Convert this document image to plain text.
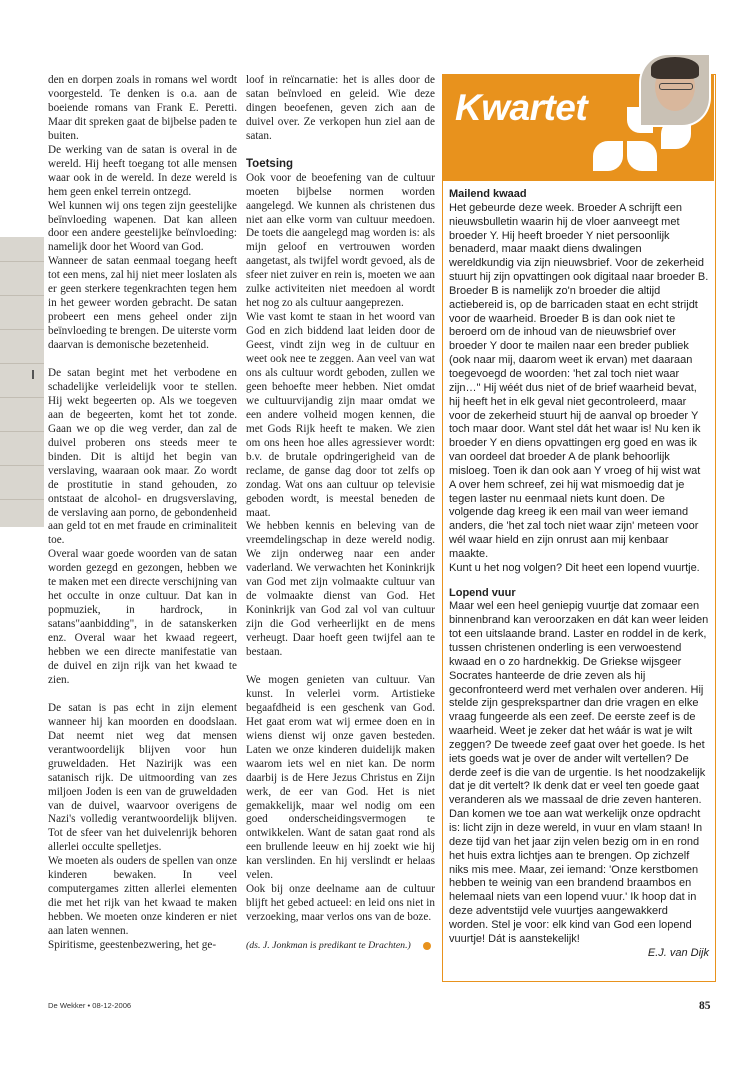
den en dorpen zoals in romans wel wordt voorgesteld. Te denken is o.a. aan de boeiende romans van Frank E. Peretti. Maar dit spreken gaat de bijbelse paden te buiten.

De werking van de satan is overal in de wereld. Hij heeft toegang tot alle mensen waar ook in de wereld. In deze wereld is hem geen enkel terrein ontzegd.

Wel kunnen wij ons tegen zijn geestelijke beïnvloeding wapenen. Dat kan alleen door een andere geestelijke beïnvloeding: namelijk door het Woord van God.

Wanneer de satan eenmaal toegang heeft tot een mens, zal hij niet meer loslaten als er geen sterkere tegenkrachten tegen hem in het geweer worden gebracht. De satan probeert een mens geheel onder zijn beïnvloeding te brengen. De uiterste vorm daarvan is demonische bezetenheid.

De satan begint met het verbodene en schadelijke verleidelijk voor te stellen. Hij wekt begeerten op. Als we toegeven aan de begeerten, komt het tot zonde. Gaan we op die weg verder, dan zal de duivel proberen ons steeds meer te binden. Dit is altijd het begin van verslaving, waaraan ook maar. Zo wordt de prostitutie in stand gehouden, zo ontstaat de alcohol- en drugsverslaving, de verslaving aan porno, de gebondenheid aan geld tot en met fraude en criminaliteit toe.

Overal waar goede woorden van de satan worden gezegd en gezongen, hebben we te maken met een directe verschijning van het occulte in onze cultuur. Dat kan in popmuziek, in hardrock, in satans"aanbidding", in de satanskerken enz. Overal waar het kwaad regeert, hebben we een directe manifestatie van de duivel en zijn rijk van het kwaad te zien.

De satan is pas echt in zijn element wanneer hij kan moorden en doodslaan. Dat neemt niet weg dat mensen verantwoordelijk blijven voor hun gruweldaden. Het Nazirijk was een satanisch rijk. De uitmoording van zes miljoen Joden is een van de gruweldaden van de duivel, waarvoor overigens de Nazi's volledig verantwoordelijk blijven. Tot de sfeer van het duivelenrijk behoren allerlei occulte spelletjes.

We moeten als ouders de spellen van onze kinderen bewaken. In veel computergames zitten allerlei elementen die met het rijk van het kwaad te maken hebben. We moeten onze kinderen er niet aan laten wennen.

Spiritisme, geestenbezwering, het ge-

loof in reïncarnatie: het is alles door de satan beïnvloed en geleid. Wie deze dingen beoefenen, geven zich aan de duivel over. Ze verkopen hun ziel aan de satan.

Toetsing

Ook voor de beoefening van de cultuur moeten bijbelse normen worden aangelegd. We kunnen als christenen dus niet aan elke vorm van cultuur meedoen. De toets die aangelegd mag worden is: als mijn geloof en vertrouwen worden aangetast, als twijfel wordt gevoed, als de sfeer niet zuiver en rein is, moeten we aan zulke activiteiten niet meedoen al wordt het nog zo als cultuur aangeprezen.

Wie vast komt te staan in het woord van God en zich biddend laat leiden door de Geest, vindt zijn weg in de cultuur en weet ook nee te zeggen. Aan veel van wat ons als cultuur wordt geboden, zullen we geen behoefte meer hebben. Niet omdat we cultuurvijandig zijn maar omdat we een andere volheid mogen kennen, die met Gods Rijk heeft te maken. We zien om ons heen hoe alles agressiever wordt: b.v. de brutale opdringerigheid van de reclame, de ganse dag door tot zelfs op zondag. Wat ons aan cultuur op televisie geboden wordt, is meestal beneden de maat.

We hebben kennis en beleving van de vreemdelingschap in deze wereld nodig. We zijn onderweg naar een ander vaderland. We verwachten het Koninkrijk van God met zijn volmaakte cultuur van de volmaakte dienst van God. Het Koninkrijk van God zal vol van cultuur zijn die God verheerlijkt en de mens verheugt. Daar hoeft geen twijfel aan te bestaan.

We mogen genieten van cultuur. Van kunst. In velerlei vorm. Artistieke begaafdheid is een geschenk van God. Het gaat erom wat wij ermee doen en in wiens dienst wij onze gaven besteden. Laten we onze kinderen duidelijk maken waarom iets wel en niet kan. De norm daarbij is de Here Jezus Christus en Zijn werk, de eer van God. Het is niet gemakkelijk, maar wel nodig om een goed onderscheidingsvermogen te ontwikkelen. Want de satan gaat rond als een brullende leeuw en hij zoekt wie hij kan verslinden. En hij verslindt er helaas velen.

Ook bij onze deelname aan de cultuur blijft het gebed actueel: en leid ons niet in verzoeking, maar verlos ons van de boze.

(ds. J. Jonkman is predikant te Drachten.)
Kwartet

Mailend kwaad

Het gebeurde deze week. Broeder A schrijft een nieuwsbulletin waarin hij de vloer aanveegt met broeder Y. Hij heeft broeder Y niet persoonlijk benaderd, maar maakt diens dwalingen wereldkundig via zijn nieuwsbrief. Voor de zekerheid stuurt hij zijn opvattingen ook digitaal naar broeder B. Broeder B is namelijk zo'n broeder die altijd actiebereid is, op de barricaden staat en echt strijdt voor de waarheid. Broeder B is dan ook niet te beroerd om de inhoud van de nieuwsbrief over broeder Y door te mailen naar een breder publiek (ook naar mij, daarom weet ik ervan) met daaraan toegevoegd de woorden: 'het zal toch niet waar zijn…" Hij wéét dus niet of de brief waarheid bevat, hij heeft het in elk geval niet gecontroleerd, maar voor de zekerheid stuurt hij de aanval op broeder Y toch maar door. Want stel dát het waar is! Nu ken ik broeder Y en diens opvattingen erg goed en was ik van oordeel dat broeder A de plank behoorlijk misloeg. Toen ik dan ook aan Y vroeg of hij wist wat A over hem schreef, zei hij wat mismoedig dat je tegen laster nu eenmaal niets kunt doen. De volgende dag kreeg ik een mail van weer iemand anders, die 'het zal toch niet waar zijn' meteen voor wél waar hield en zijn onrust aan mij kenbaar maakte.

Kunt u het nog volgen? Dit heet een lopend vuurtje.

Lopend vuur

Maar wel een heel geniepig vuurtje dat zomaar een binnenbrand kan veroorzaken en dát kan weer leiden tot een uitslaande brand. Laster en roddel in de kerk, tussen christenen onderling is een verwoestend kwaad en o zo hardnekkig. De Griekse wijsgeer Socrates hanteerde de drie zeven als hij geconfronteerd werd met verhalen over anderen. Hij stelde zijn gesprekspartner dan drie vragen en elke vraag fungeerde als een zeef. De eerste zeef is de waarheid. Weet je zeker dat het wáár is wat je wilt zeggen? De tweede zeef gaat over het goede. Is het iets goeds wat je over de ander wilt vertellen? De derde zeef is die van de urgentie. Is het noodzakelijk dat je dit vertelt? Ik denk dat er veel ten goede gaat veranderen als we massaal de drie zeven hanteren. Dan komen we toe aan wat werkelijk onze opdracht is: licht zijn in deze wereld, in vuur en vlam staan! In deze tijd van het jaar zijn velen bezig om in en rond het huis extra lichtjes aan te brengen. Op zichzelf niks mis mee. Maar, zei iemand: 'Onze kerstbomen hebben te weinig van een brandend braambos en helemaal niets van een lopend vuur.' Ik hoop dat in deze adventstijd vele vuurtjes aangewakkerd worden. Stel je voor: elk kind van God een lopend vuurtje! Dát is aanstekelijk!

E.J. van Dijk

De Wekker • 08-12-2006	85
